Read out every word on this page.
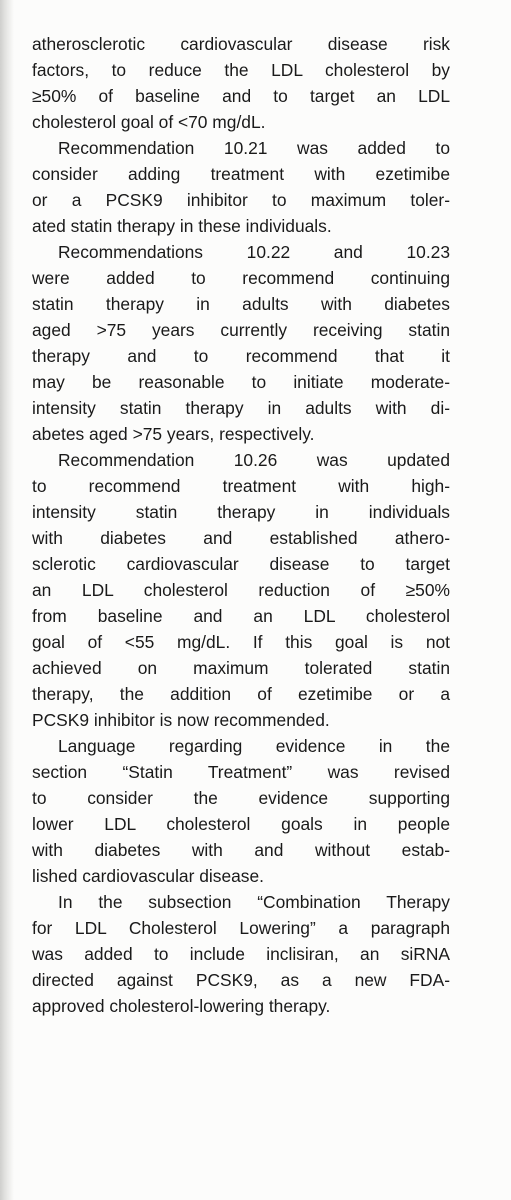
atherosclerotic cardiovascular disease risk
factors, to reduce the LDL cholesterol by
≥50% of baseline and to target an LDL
cholesterol goal of <70 mg/dL.

Recommendation 10.21 was added to
consider adding treatment with ezetimibe
or a PCSK9 inhibitor to maximum toler-
ated statin therapy in these individuals.

Recommendations 10.22 and 10.23
were added to recommend continuing
statin therapy in adults with diabetes
aged >75 years currently receiving statin
therapy and to recommend that it
may be reasonable to initiate moderate-
intensity statin therapy in adults with di-
abetes aged >75 years, respectively.

Recommendation 10.26 was updated
to recommend treatment with high-
intensity statin therapy in individuals
with diabetes and established athero-
sclerotic cardiovascular disease to target
an LDL cholesterol reduction of ≥50%
from baseline and an LDL cholesterol
goal of <55 mg/dL. If this goal is not
achieved on maximum tolerated statin
therapy, the addition of ezetimibe or a
PCSK9 inhibitor is now recommended.

Language regarding evidence in the
section “Statin Treatment” was revised
to consider the evidence supporting
lower LDL cholesterol goals in people
with diabetes with and without estab-
lished cardiovascular disease.

In the subsection “Combination Therapy
for LDL Cholesterol Lowering” a paragraph
was added to include inclisiran, an siRNA
directed against PCSK9, as a new FDA-
approved cholesterol-lowering therapy.
